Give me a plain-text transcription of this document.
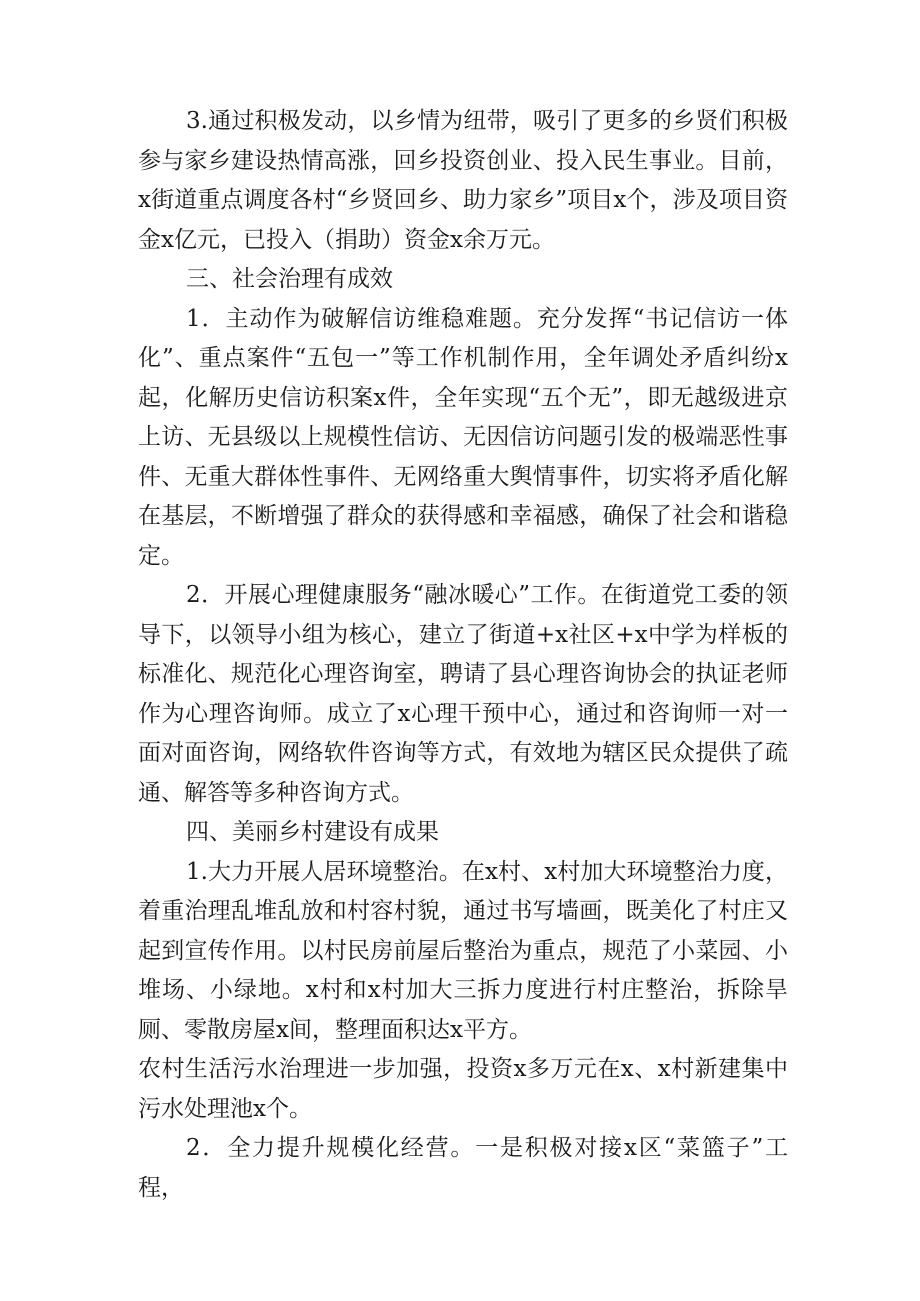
3.通过积极发动，以乡情为纽带，吸引了更多的乡贤们积极参与家乡建设热情高涨，回乡投资创业、投入民生事业。目前，x街道重点调度各村“乡贤回乡、助力家乡”项目x个，涉及项目资金x亿元，已投入（捐助）资金x余万元。

三、社会治理有成效

1．主动作为破解信访维稳难题。充分发挥“书记信访一体化”、重点案件“五包一”等工作机制作用，全年调处矛盾纠纷x起，化解历史信访积案x件，全年实现“五个无”，即无越级进京上访、无县级以上规模性信访、无因信访问题引发的极端恶性事件、无重大群体性事件、无网络重大舆情事件，切实将矛盾化解在基层，不断增强了群众的获得感和幸福感，确保了社会和谐稳定。

2．开展心理健康服务“融冰暖心”工作。在街道党工委的领导下，以领导小组为核心，建立了街道+x社区+x中学为样板的标准化、规范化心理咨询室，聘请了县心理咨询协会的执证老师作为心理咨询师。成立了x心理干预中心，通过和咨询师一对一面对面咨询，网络软件咨询等方式，有效地为辖区民众提供了疏通、解答等多种咨询方式。

四、美丽乡村建设有成果

1.大力开展人居环境整治。在x村、x村加大环境整治力度，着重治理乱堆乱放和村容村貌，通过书写墙画，既美化了村庄又起到宣传作用。以村民房前屋后整治为重点，规范了小菜园、小堆场、小绿地。x村和x村加大三拆力度进行村庄整治，拆除旱厕、零散房屋x间，整理面积达x平方。

农村生活污水治理进一步加强，投资x多万元在x、x村新建集中污水处理池x个。

2．全力提升规模化经营。一是积极对接x区“菜篮子”工程，
